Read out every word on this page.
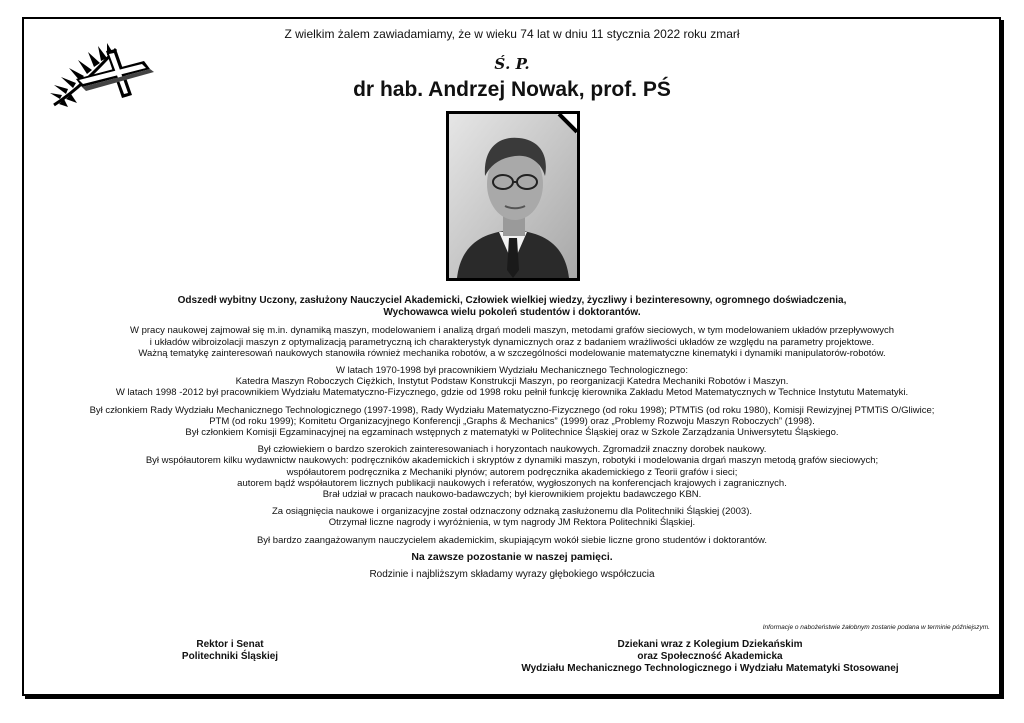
Z wielkim żalem zawiadamiamy, że w wieku 74 lat w dniu 11 stycznia 2022 roku zmarł
Ś. P.
dr hab. Andrzej Nowak, prof. PŚ

Odszedł wybitny Uczony, zasłużony Nauczyciel Akademicki, Człowiek wielkiej wiedzy, życzliwy i bezinteresowny, ogromnego doświadczenia,
Wychowawca wielu pokoleń studentów i doktorantów.

W pracy naukowej zajmował się m.in. dynamiką maszyn, modelowaniem i analizą drgań modeli maszyn, metodami grafów sieciowych, w tym modelowaniem układów przepływowych
i układów wibroizolacji maszyn z optymalizacją parametryczną ich charakterystyk dynamicznych oraz z badaniem wrażliwości układów ze względu na parametry projektowe.
Ważną tematykę zainteresowań naukowych stanowiła również mechanika robotów, a w szczególności modelowanie matematyczne kinematyki i dynamiki manipulatorów-robotów.

W latach 1970-1998 był pracownikiem Wydziału Mechanicznego Technologicznego:
Katedra Maszyn Roboczych Ciężkich, Instytut Podstaw Konstrukcji Maszyn, po reorganizacji Katedra Mechaniki Robotów i Maszyn.
W latach 1998 -2012 był pracownikiem Wydziału Matematyczno-Fizycznego, gdzie od 1998 roku pełnił funkcję kierownika Zakładu Metod Matematycznych w Technice Instytutu Matematyki.

Był członkiem Rady Wydziału Mechanicznego Technologicznego (1997-1998), Rady Wydziału Matematyczno-Fizycznego (od roku 1998); PTMTiS (od roku 1980), Komisji Rewizyjnej PTMTiS O/Gliwice;
PTM (od roku 1999); Komitetu Organizacyjnego Konferencji „Graphs & Mechanics” (1999) oraz „Problemy Rozwoju Maszyn Roboczych” (1998).
Był członkiem Komisji Egzaminacyjnej na egzaminach wstępnych z matematyki w Politechnice Śląskiej oraz w Szkole Zarządzania Uniwersytetu Śląskiego.

Był człowiekiem o bardzo szerokich zainteresowaniach i horyzontach naukowych. Zgromadził znaczny dorobek naukowy.
Był współautorem kilku wydawnictw naukowych: podręczników akademickich i skryptów z dynamiki maszyn, robotyki i modelowania drgań maszyn metodą grafów sieciowych;
współautorem podręcznika z Mechaniki płynów; autorem podręcznika akademickiego z Teorii grafów i sieci;
autorem bądź współautorem licznych publikacji naukowych i referatów, wygłoszonych na konferencjach krajowych i zagranicznych.
Brał udział w pracach naukowo-badawczych; był kierownikiem projektu badawczego KBN.

Za osiągnięcia naukowe i organizacyjne został odznaczony odznaką zasłużonemu dla Politechniki Śląskiej (2003).
Otrzymał liczne nagrody i wyróżnienia, w tym nagrody JM Rektora Politechniki Śląskiej.

Był bardzo zaangażowanym nauczycielem akademickim, skupiającym wokół siebie liczne grono studentów i doktorantów.

Na zawsze pozostanie w naszej pamięci.

Rodzinie i najbliższym składamy wyrazy głębokiego współczucia

Informacje o nabożeństwie żałobnym zostanie podana w terminie późniejszym.
Rektor i Senat
Politechniki Śląskiej
Dziekani wraz z Kolegium Dziekańskim
oraz Społeczność Akademicka
Wydziału Mechanicznego Technologicznego i Wydziału Matematyki Stosowanej
